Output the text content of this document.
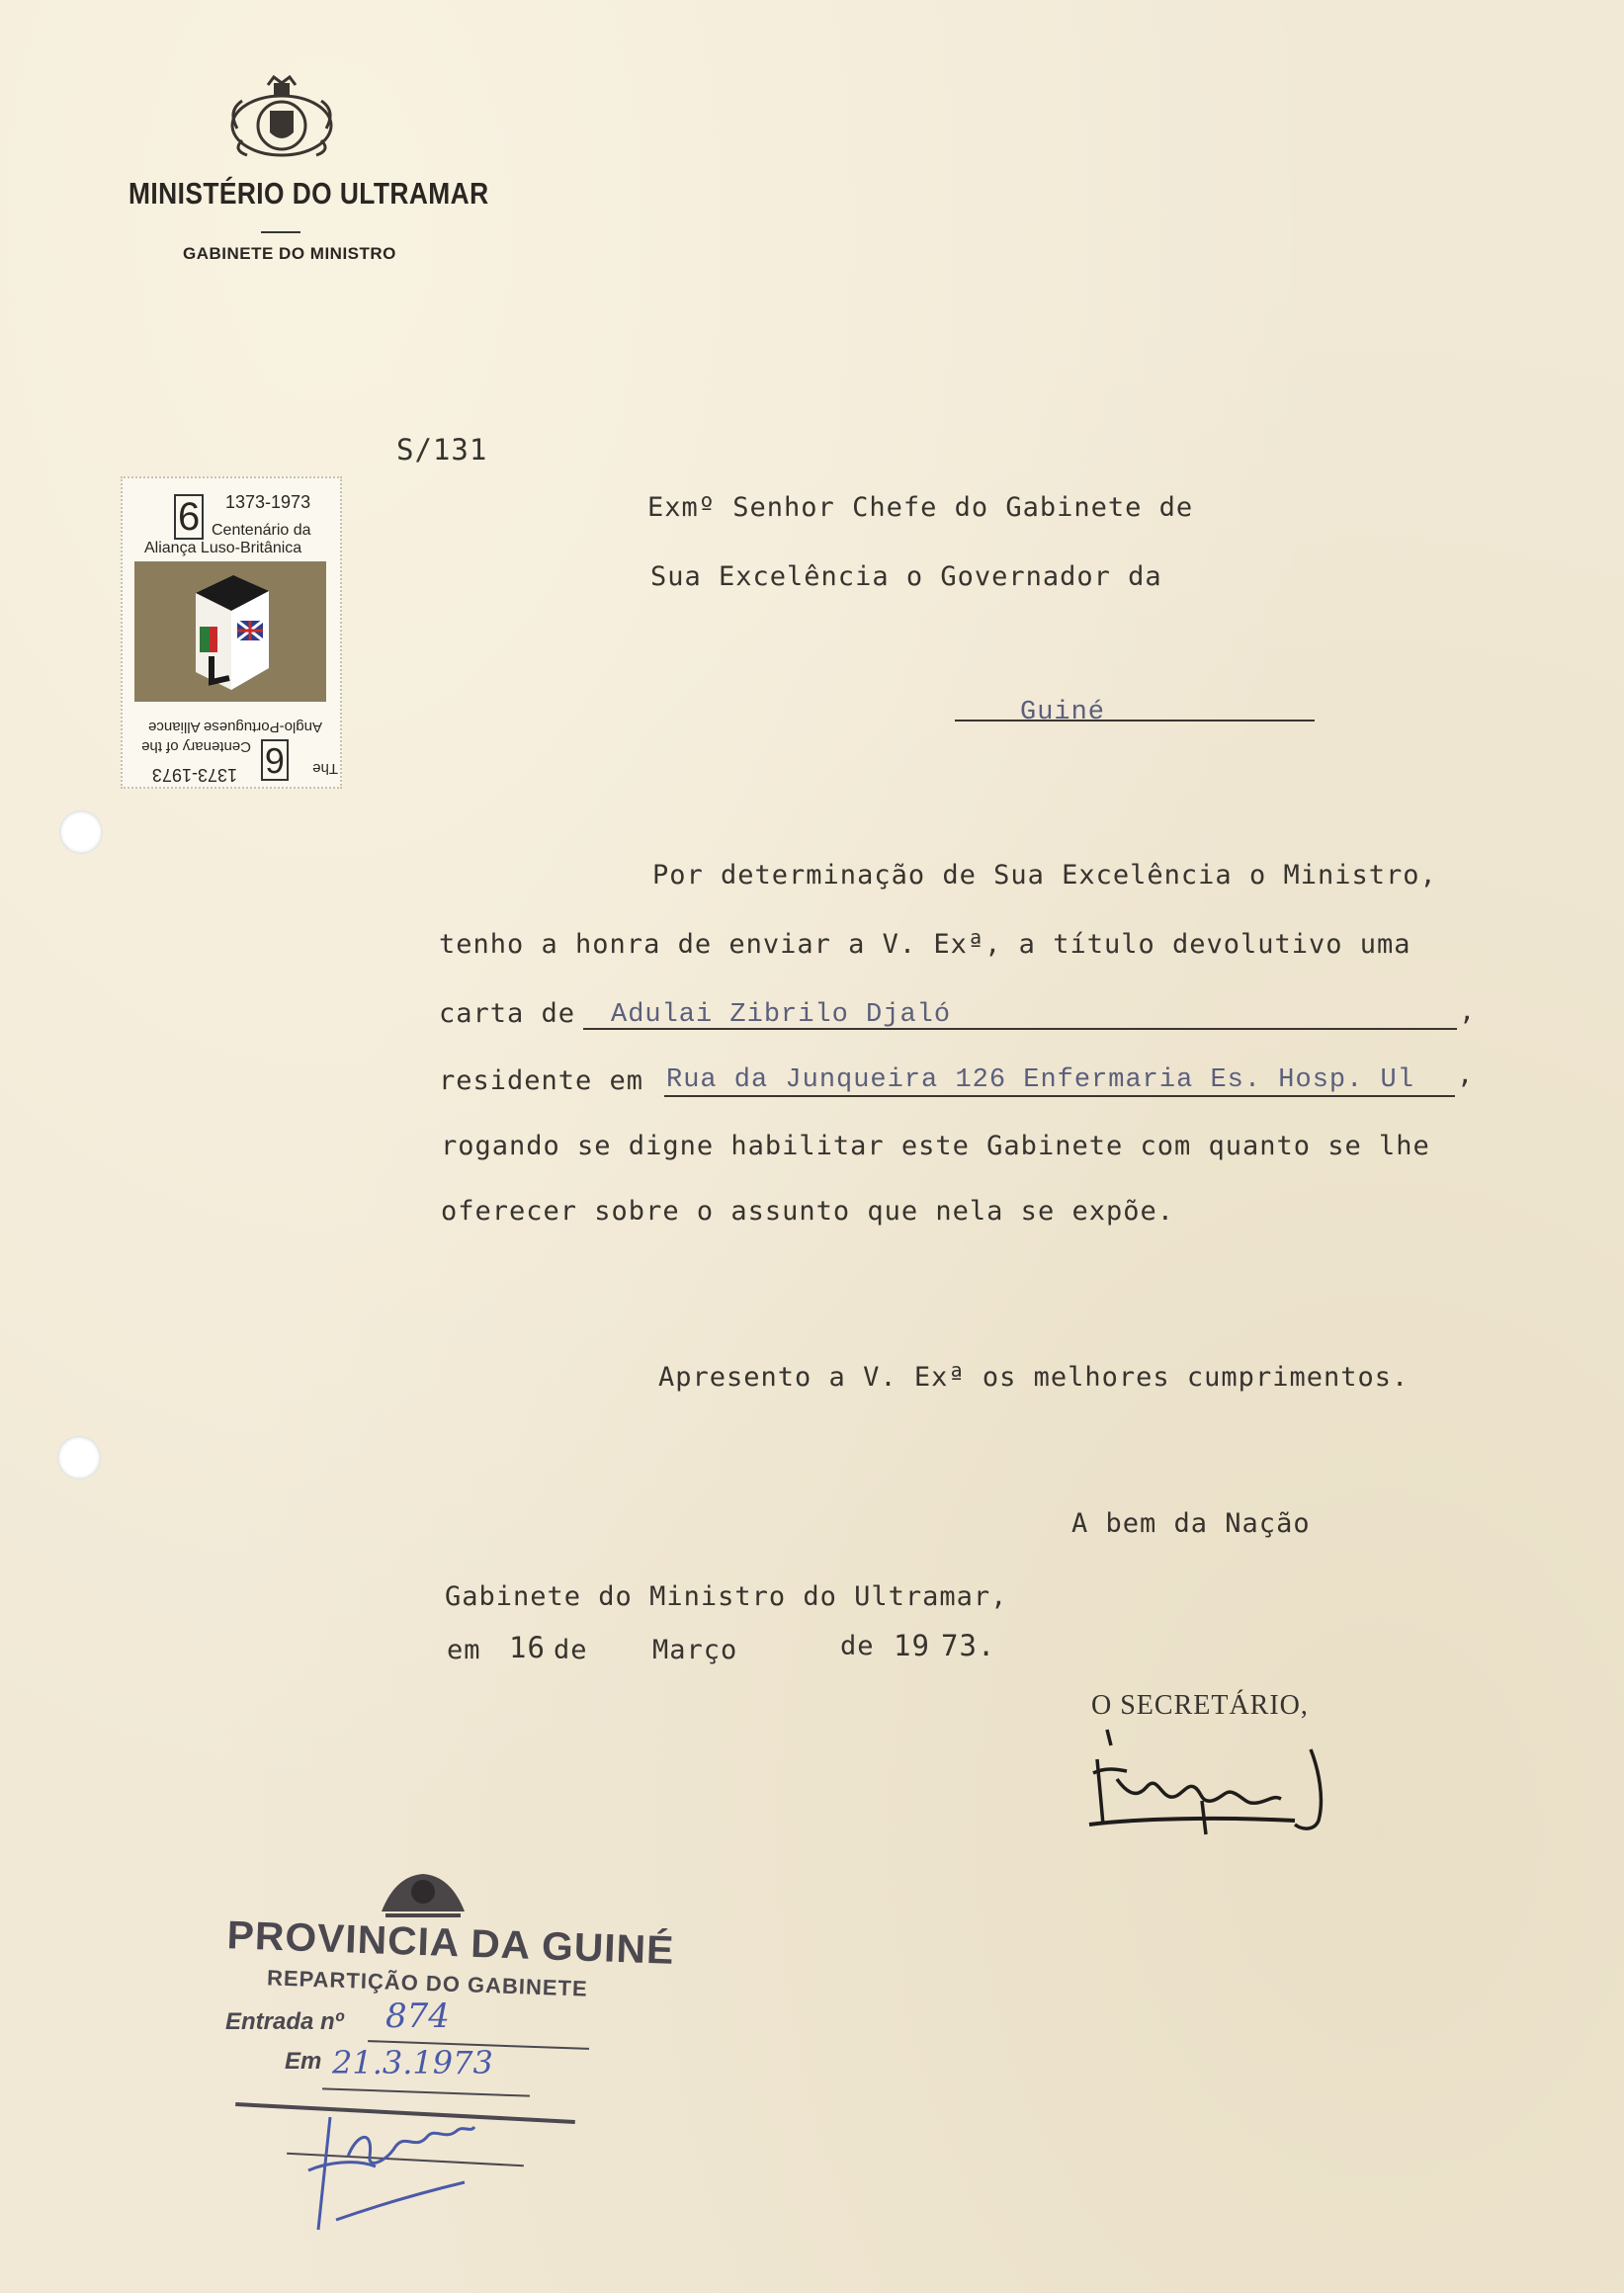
MINISTÉRIO DO ULTRAMAR
GABINETE DO MINISTRO
S/131
6 1373-1973
Centenário da
Aliança Luso-Britânica
6
1373-1973	The
Centenary of the
Anglo-Portuguese Alliance
Exmº Senhor Chefe do Gabinete de
Sua Excelência o Governador da
Guiné
Por determinação de Sua Excelência o Ministro,
tenho a honra de enviar a V. Exª, a título devolutivo uma
carta de Adulai Zibrilo Djaló	,
residente em Rua da Junqueira 126 Enfermaria Es. Hosp. Ul ,
rogando se digne habilitar este Gabinete com quanto se lhe
oferecer sobre o assunto que nela se expõe.
Apresento a V. Exª os melhores cumprimentos.
A bem da Nação
Gabinete do Ministro do Ultramar,
em 16 de Março	de 19 73.
O SECRETÁRIO,
PROVINCIA DA GUINÉ
REPARTIÇÃO DO GABINETE
Entrada nº 874
Em 21.3.1973
